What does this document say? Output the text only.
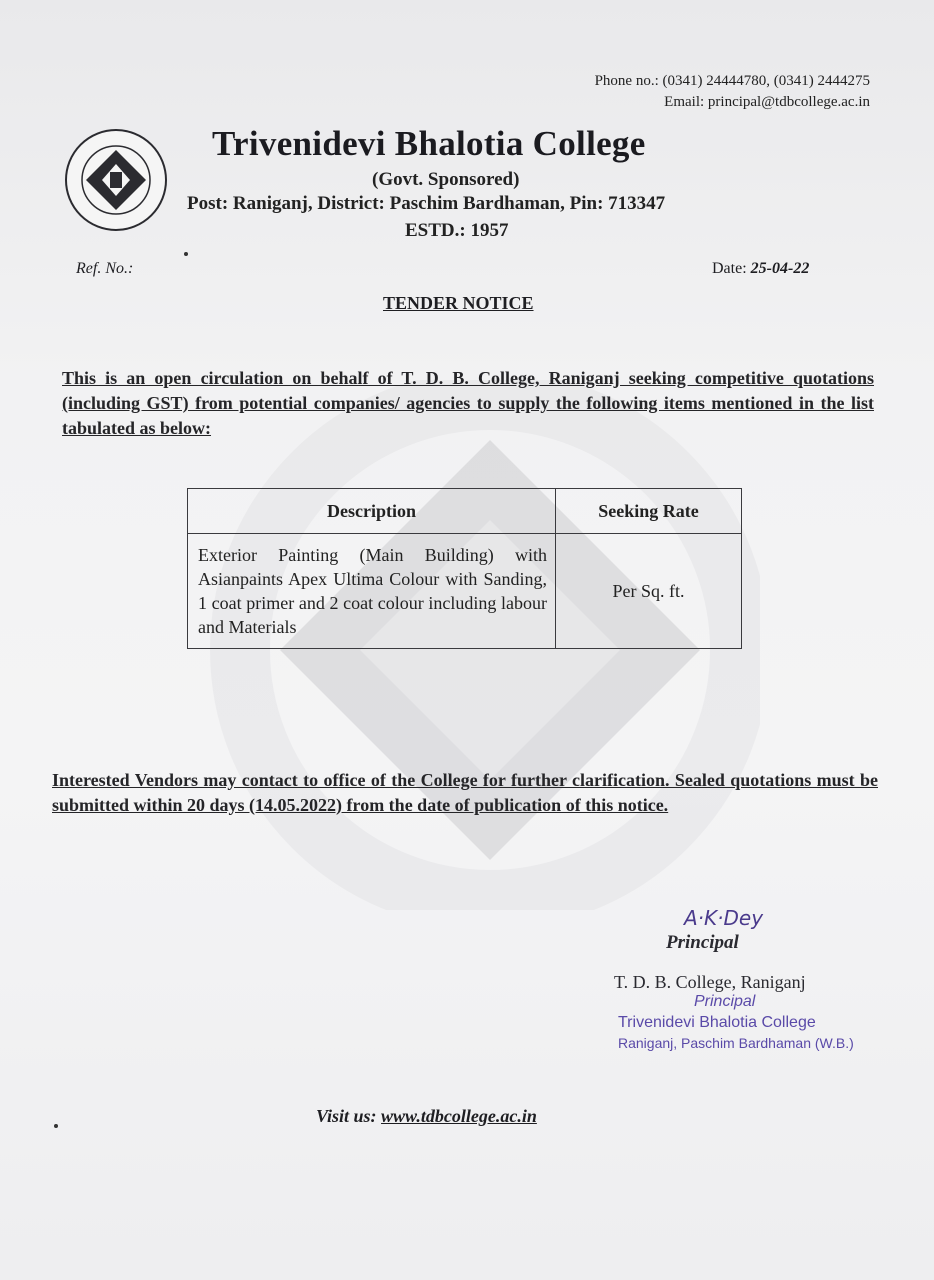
Phone no.: (0341) 24444780, (0341) 2444275
Email: principal@tdbcollege.ac.in
Trivenidevi Bhalotia College
(Govt. Sponsored)
Post: Raniganj, District: Paschim Bardhaman, Pin: 713347
ESTD.: 1957
Ref. No.:	Date: 25-04-22
TENDER NOTICE
This is an open circulation on behalf of T. D. B. College, Raniganj seeking competitive quotations (including GST) from potential companies/ agencies to supply the following items mentioned in the list tabulated as below:
Description	Seeking Rate
Exterior Painting (Main Building) with Asianpaints Apex Ultima Colour with Sanding, 1 coat primer and 2 coat colour including labour and Materials	Per Sq. ft.
Interested Vendors may contact to office of the College for further clarification. Sealed quotations must be submitted within 20 days (14.05.2022) from the date of publication of this notice.
A·K·Dey
Principal
T. D. B. College, Raniganj
Principal
Trivenidevi Bhalotia College
Raniganj, Paschim Bardhaman (W.B.)
Visit us: www.tdbcollege.ac.in
